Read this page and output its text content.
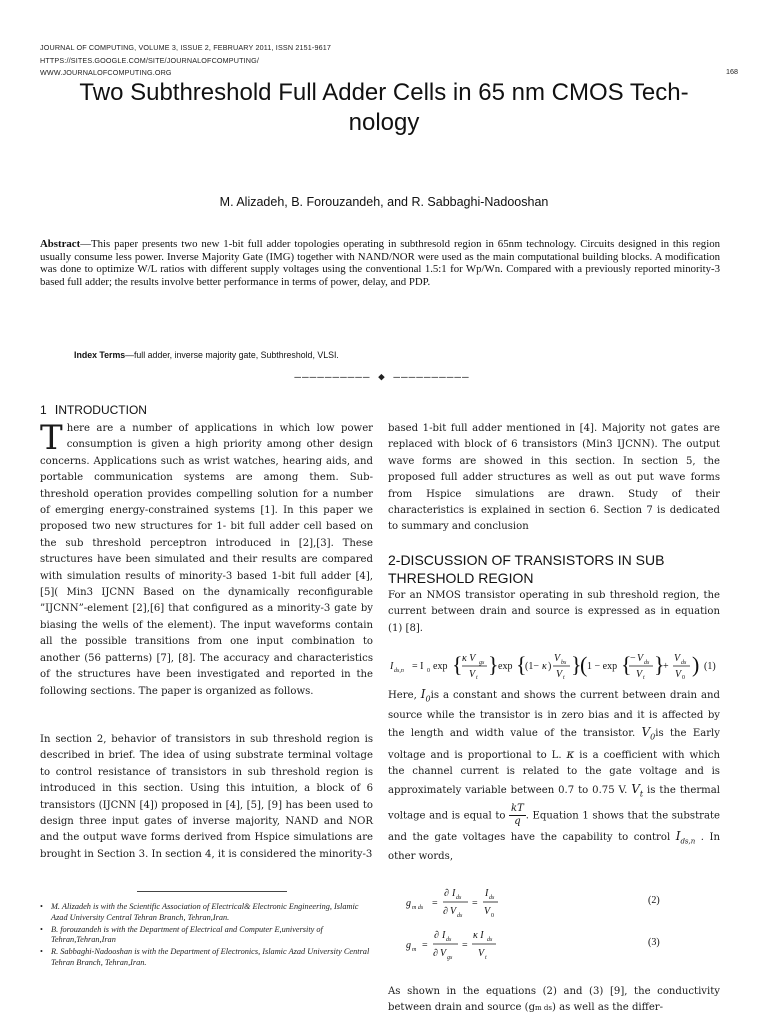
JOURNAL OF COMPUTING, VOLUME 3, ISSUE 2, FEBRUARY 2011, ISSN 2151-9617
HTTPS://SITES.GOOGLE.COM/SITE/JOURNALOFCOMPUTING/
WWW.JOURNALOFCOMPUTING.ORG	168
Two Subthreshold Full Adder Cells in 65 nm CMOS Tech-
nology
M. Alizadeh, B. Forouzandeh, and R. Sabbaghi-Nadooshan
Abstract—This paper presents two new 1-bit full adder topologies operating in subthresold region in 65nm technology. Circuits designed in this region usually consume less power. Inverse Majority Gate (IMG) together with NAND/NOR were used as the main computational building blocks. A modification was done to optimize W/L ratios with different supply voltages using the conventional 1.5:1 for Wp/Wn. Compared with a previously reported minority-3 based full adder; the results involve better performance in terms of power, delay, and PDP.
Index Terms—full adder, inverse majority gate, Subthreshold, VLSI.
—————————— ◆ ——————————
1 INTRODUCTION
There are a number of applications in which low power consumption is given a high priority among other design concerns. Applications such as wrist watches, hearing aids, and portable communication systems are among them. Sub-threshold operation provides compelling solution for a number of emerging energy-constrained systems [1]. In this paper we proposed two new structures for 1- bit full adder cell based on the sub threshold perceptron introduced in [2],[3]. These structures have been simulated and their results are compared with simulation results of minority-3 based 1-bit full adder [4], [5]( Min3 IJCNN Based on the dynamically reconfigurable ”IJCNN”-element [2],[6] that configured as a minority-3 gate by biasing the wells of the element). The input waveforms contain all the possible transitions from one input combination to another (56 patterns) [7], [8]. The accuracy and characteristics of the structures have been investigated and reported in the following sections. The paper is organized as follows.
In section 2, behavior of transistors in sub threshold region is described in brief. The idea of using substrate terminal voltage to control resistance of transistors in sub threshold region is introduced in this section. Using this intuition, a block of 6 transistors (IJCNN [4]) proposed in [4], [5], [9] has been used to design three input gates of inverse majority, NAND and NOR and the output wave forms derived from Hspice simulations are brought in Section 3. In section 4, it is considered the minority-3
• M. Alizadeh is with the Scientific Association of Electrical& Electronic Engineering, Islamic Azad University Central Tehran Branch, Tehran,Iran.
• B. forouzandeh is with the Department of Electrical and Computer E,university of Tehran,Tehran,Iran
• R. Sabbaghi-Nadooshan is with the Department of Electronics, Islamic Azad University Central Tehran Branch, Tehran,Iran.
based 1-bit full adder mentioned in [4]. Majority not gates are replaced with block of 6 transistors (Min3 IJCNN). The output wave forms are showed in this section. In section 5, the proposed full adder structures as well as out put wave forms from Hspice simulations are drawn. Study of their characteristics is explained in section 6. Section 7 is dedicated to summary and conclusion
2-DISCUSSION OF TRANSISTORS IN SUB THRESHOLD REGION
For an NMOS transistor operating in sub threshold region, the current between drain and source is expressed as in equation (1) [8].
I ds,n = I 0 exp { κ V gs
V t
} exp {
(1− κ )
V bs
V t
}
( 1 − exp {
− V ds
V t
}
+
V ds
V 0
) (1)
Here, $I_0is$ a constant and shows the current between drain and source while the transistor is in zero bias and it is affected by the length and width value of the transistor. $V_0is$ the Early voltage and is proportional to L. κ is a coefficient with which the channel current is related to the gate voltage and is approximately variable between 0.7 to 0.75 V. $V_t$ is the thermal voltage and is equal to $\frac{kT}{q}$ . Equation 1 shows that the substrate and the gate voltages have the capability to control $I_{ds,n}$ . In other words,
g m ds =
∂ I ds
∂ V ds
=
I ds
V 0
(2)
g m =
∂ I ds
∂ V gs
=
κ I ds
V t
(3)
As shown in the equations (2) and (3) [9], the conductivity between drain and source (gm ds) as well as the differ-
